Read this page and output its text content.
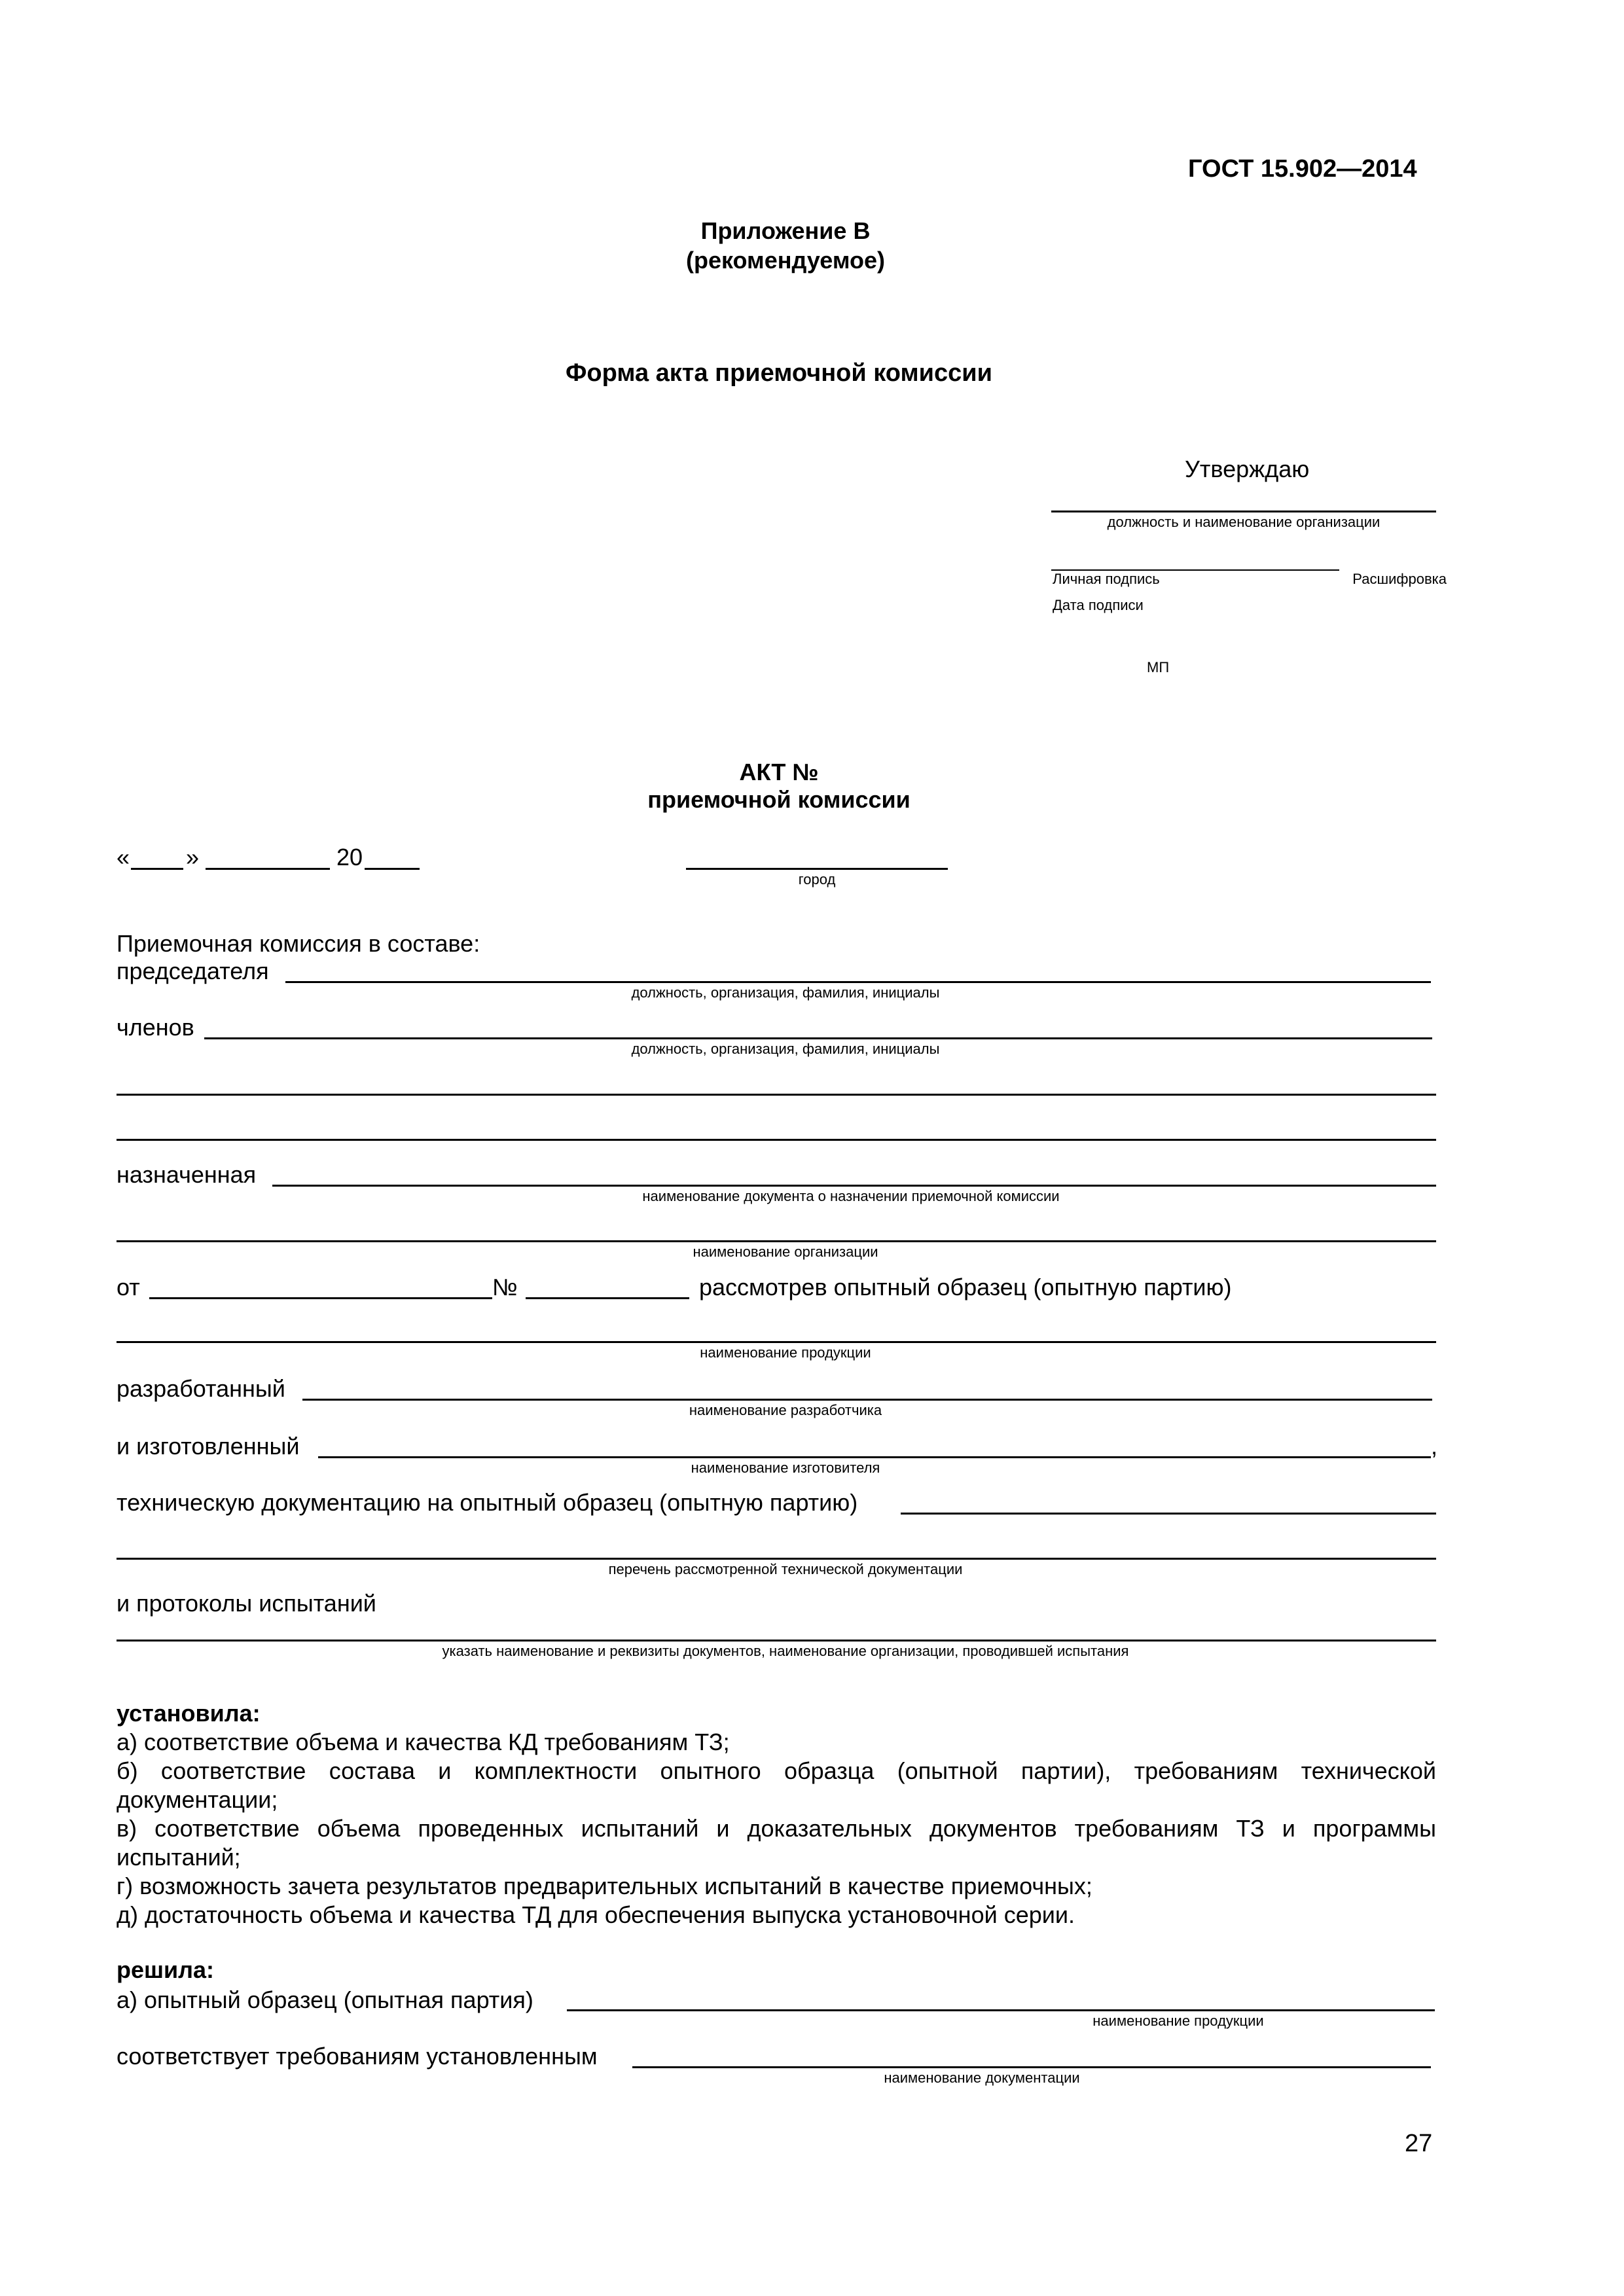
ГОСТ 15.902—2014
Приложение В
(рекомендуемое)
Форма акта приемочной комиссии
Утверждаю
должность и наименование организации
Личная подпись	Расшифровка
Дата подписи
МП
АКТ №
приемочной комиссии
« »	20
город
Приемочная комиссия в составе:
председателя
должность, организация, фамилия, инициалы
членов
должность, организация, фамилия, инициалы
назначенная
наименование документа о назначении приемочной комиссии
наименование организации
от	№	рассмотрев опытный образец (опытную партию)
наименование продукции
разработанный
наименование разработчика
и изготовленный	,
наименование изготовителя
техническую документацию на опытный образец (опытную партию)
перечень рассмотренной технической документации
и протоколы испытаний
указать наименование и реквизиты документов, наименование организации, проводившей испытания
установила:
а) соответствие объема и качества КД требованиям ТЗ;
б) соответствие состава и комплектности опытного образца (опытной партии), требованиям технической документации;
в) соответствие объема проведенных испытаний и доказательных документов требованиям ТЗ и программы испытаний;
г) возможность зачета результатов предварительных испытаний в качестве приемочных;
д) достаточность объема и качества ТД для обеспечения выпуска установочной серии.
решила:
а) опытный образец (опытная партия)
наименование продукции
соответствует требованиям установленным
наименование документации
27
